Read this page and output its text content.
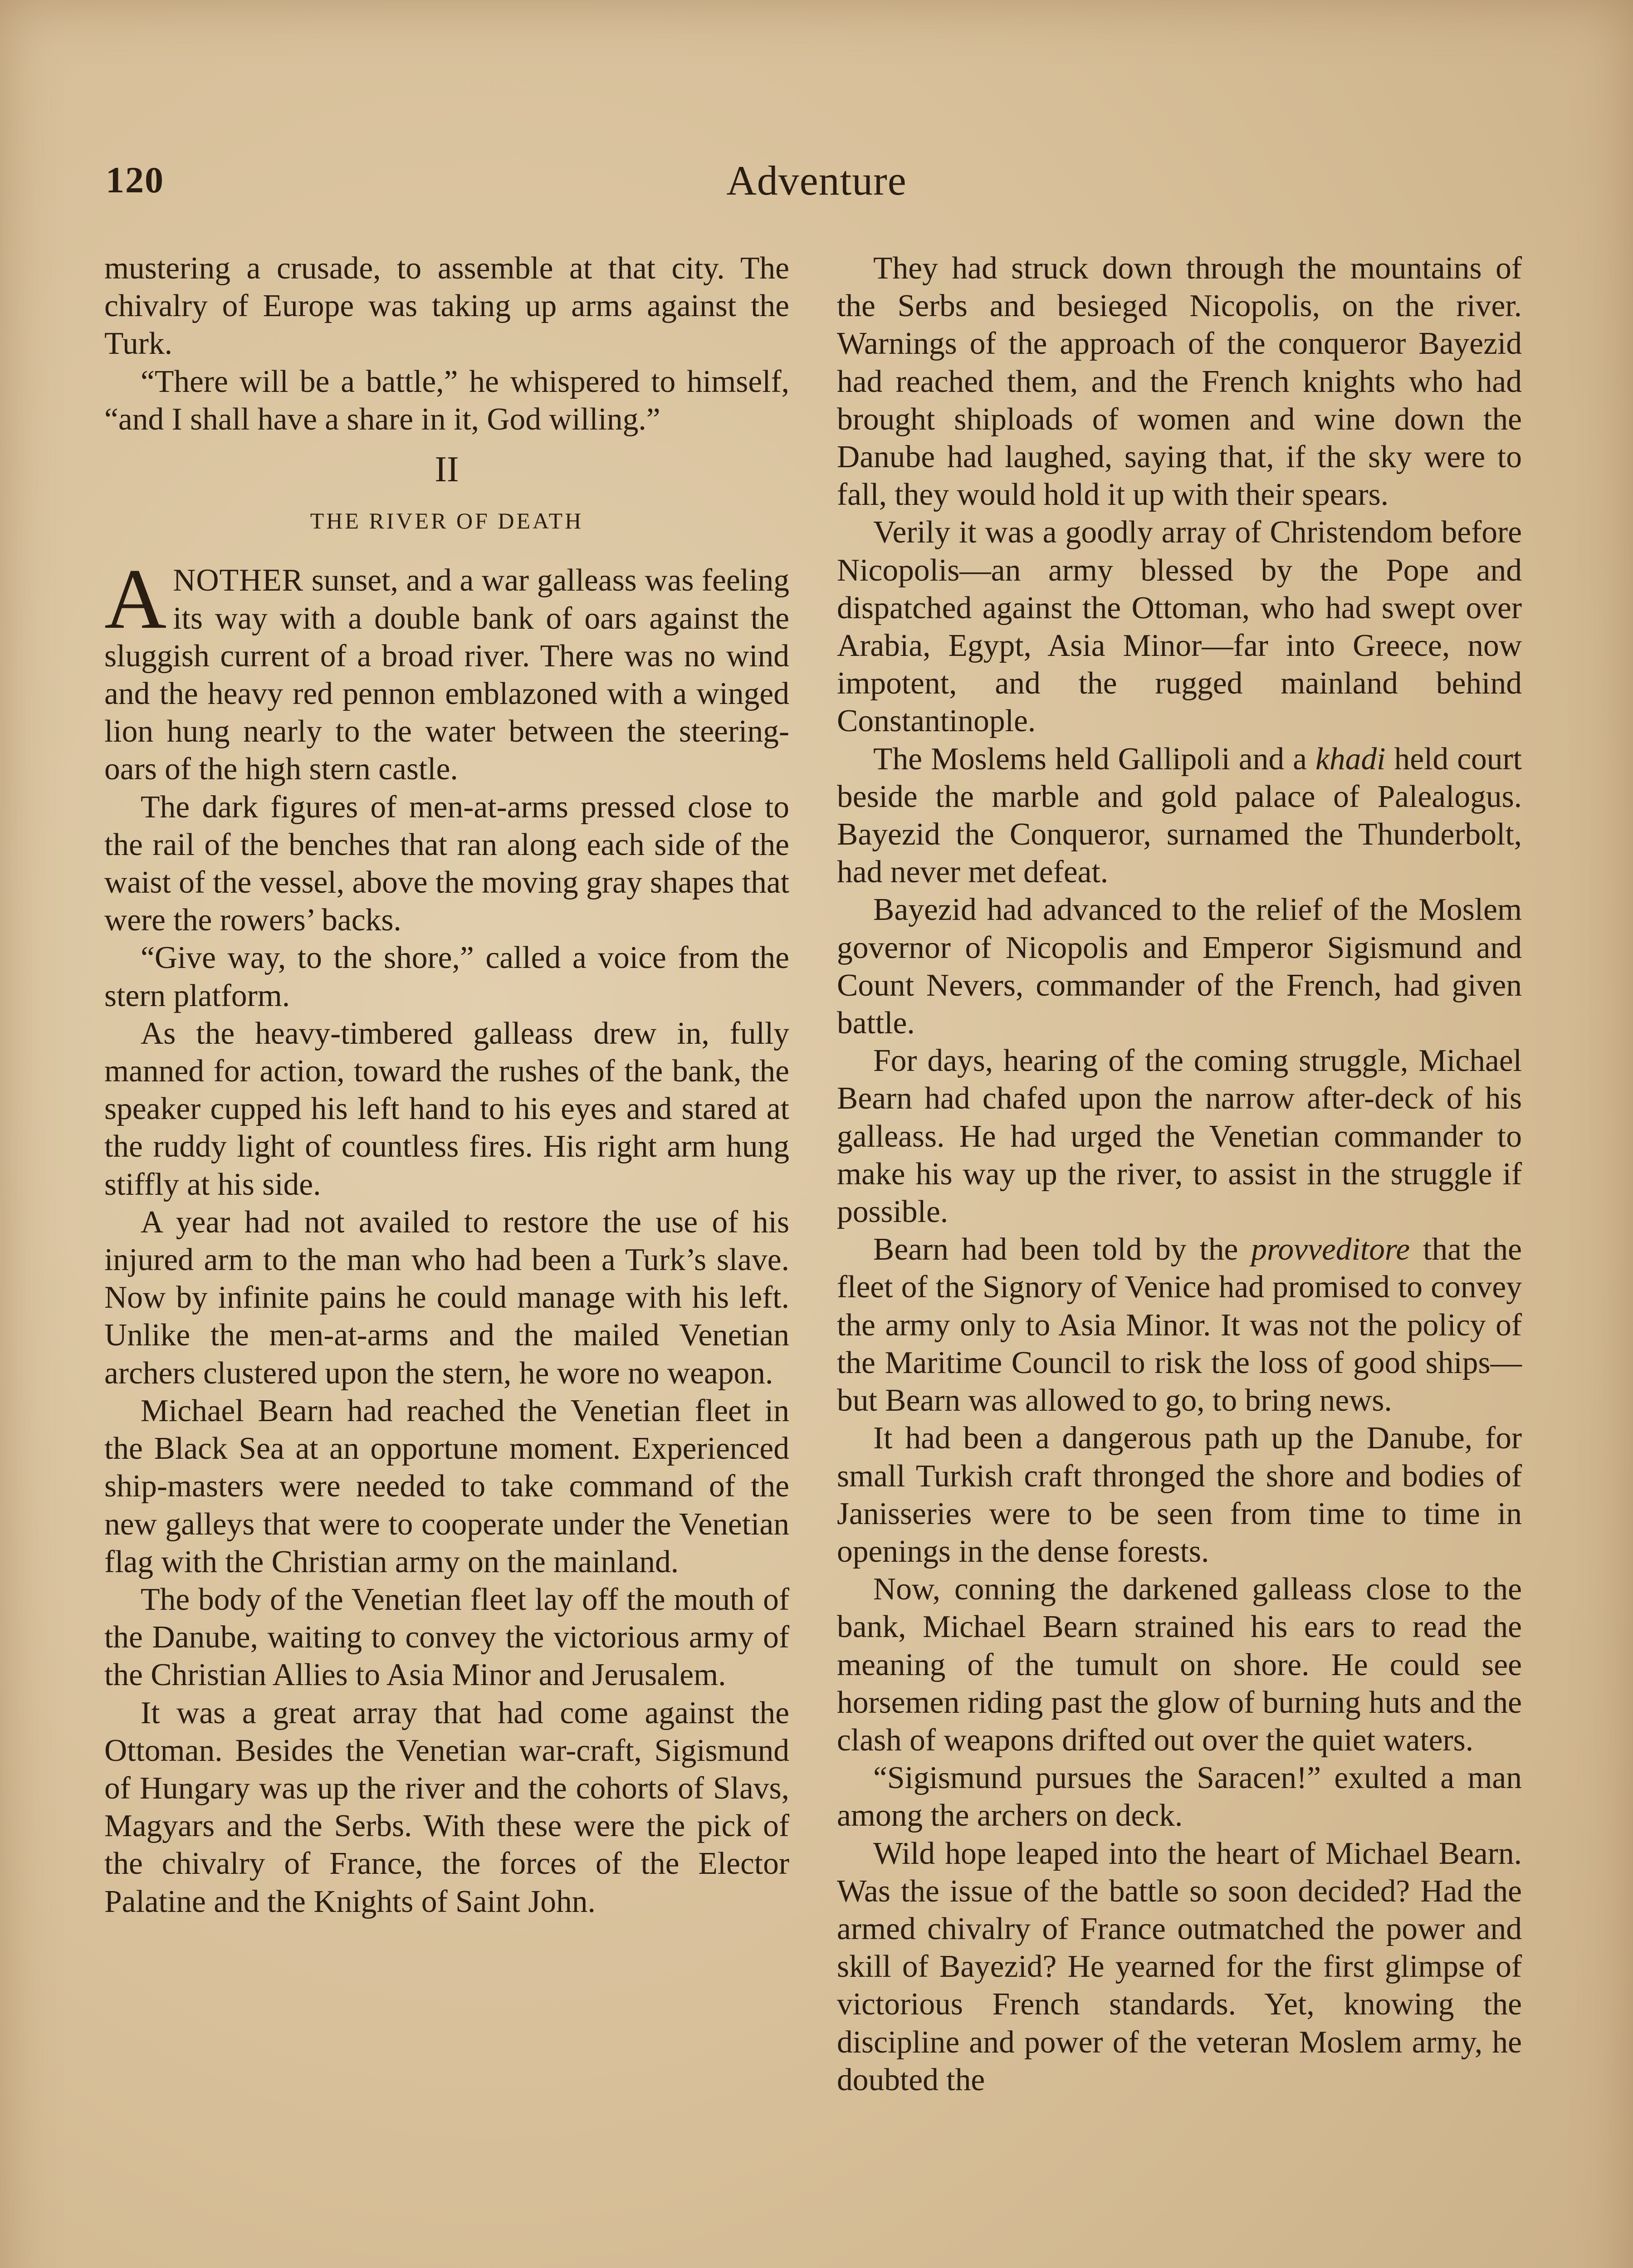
120	Adventure

mustering a crusade, to assemble at that city. The chivalry of Europe was taking up arms against the Turk.

“There will be a battle,” he whispered to himself, “and I shall have a share in it, God willing.”

II
THE RIVER OF DEATH

ANOTHER sunset, and a war galleass was feeling its way with a double bank of oars against the sluggish current of a broad river. There was no wind and the heavy red pennon emblazoned with a winged lion hung nearly to the water between the steering-oars of the high stern castle.

The dark figures of men-at-arms pressed close to the rail of the benches that ran along each side of the waist of the vessel, above the moving gray shapes that were the rowers’ backs.

“Give way, to the shore,” called a voice from the stern platform.

As the heavy-timbered galleass drew in, fully manned for action, toward the rushes of the bank, the speaker cupped his left hand to his eyes and stared at the ruddy light of countless fires. His right arm hung stiffly at his side.

A year had not availed to restore the use of his injured arm to the man who had been a Turk’s slave. Now by infinite pains he could manage with his left. Unlike the men-at-arms and the mailed Venetian archers clustered upon the stern, he wore no weapon.

Michael Bearn had reached the Venetian fleet in the Black Sea at an opportune moment. Experienced ship-masters were needed to take command of the new galleys that were to cooperate under the Venetian flag with the Christian army on the mainland.

The body of the Venetian fleet lay off the mouth of the Danube, waiting to convey the victorious army of the Christian Allies to Asia Minor and Jerusalem.

It was a great array that had come against the Ottoman. Besides the Venetian war-craft, Sigismund of Hungary was up the river and the cohorts of Slavs, Magyars and the Serbs. With these were the pick of the chivalry of France, the forces of the Elector Palatine and the Knights of Saint John.

They had struck down through the mountains of the Serbs and besieged Nicopolis, on the river. Warnings of the approach of the conqueror Bayezid had reached them, and the French knights who had brought shiploads of women and wine down the Danube had laughed, saying that, if the sky were to fall, they would hold it up with their spears.

Verily it was a goodly array of Christendom before Nicopolis—an army blessed by the Pope and dispatched against the Ottoman, who had swept over Arabia, Egypt, Asia Minor—far into Greece, now impotent, and the rugged mainland behind Constantinople.

The Moslems held Gallipoli and a khadi held court beside the marble and gold palace of Palealogus. Bayezid the Conqueror, surnamed the Thunderbolt, had never met defeat.

Bayezid had advanced to the relief of the Moslem governor of Nicopolis and Emperor Sigismund and Count Nevers, commander of the French, had given battle.

For days, hearing of the coming struggle, Michael Bearn had chafed upon the narrow after-deck of his galleass. He had urged the Venetian commander to make his way up the river, to assist in the struggle if possible.

Bearn had been told by the provveditore that the fleet of the Signory of Venice had promised to convey the army only to Asia Minor. It was not the policy of the Maritime Council to risk the loss of good ships—but Bearn was allowed to go, to bring news.

It had been a dangerous path up the Danube, for small Turkish craft thronged the shore and bodies of Janisseries were to be seen from time to time in openings in the dense forests.

Now, conning the darkened galleass close to the bank, Michael Bearn strained his ears to read the meaning of the tumult on shore. He could see horsemen riding past the glow of burning huts and the clash of weapons drifted out over the quiet waters.

“Sigismund pursues the Saracen!” exulted a man among the archers on deck.

Wild hope leaped into the heart of Michael Bearn. Was the issue of the battle so soon decided? Had the armed chivalry of France outmatched the power and skill of Bayezid? He yearned for the first glimpse of victorious French standards. Yet, knowing the discipline and power of the veteran Moslem army, he doubted the
